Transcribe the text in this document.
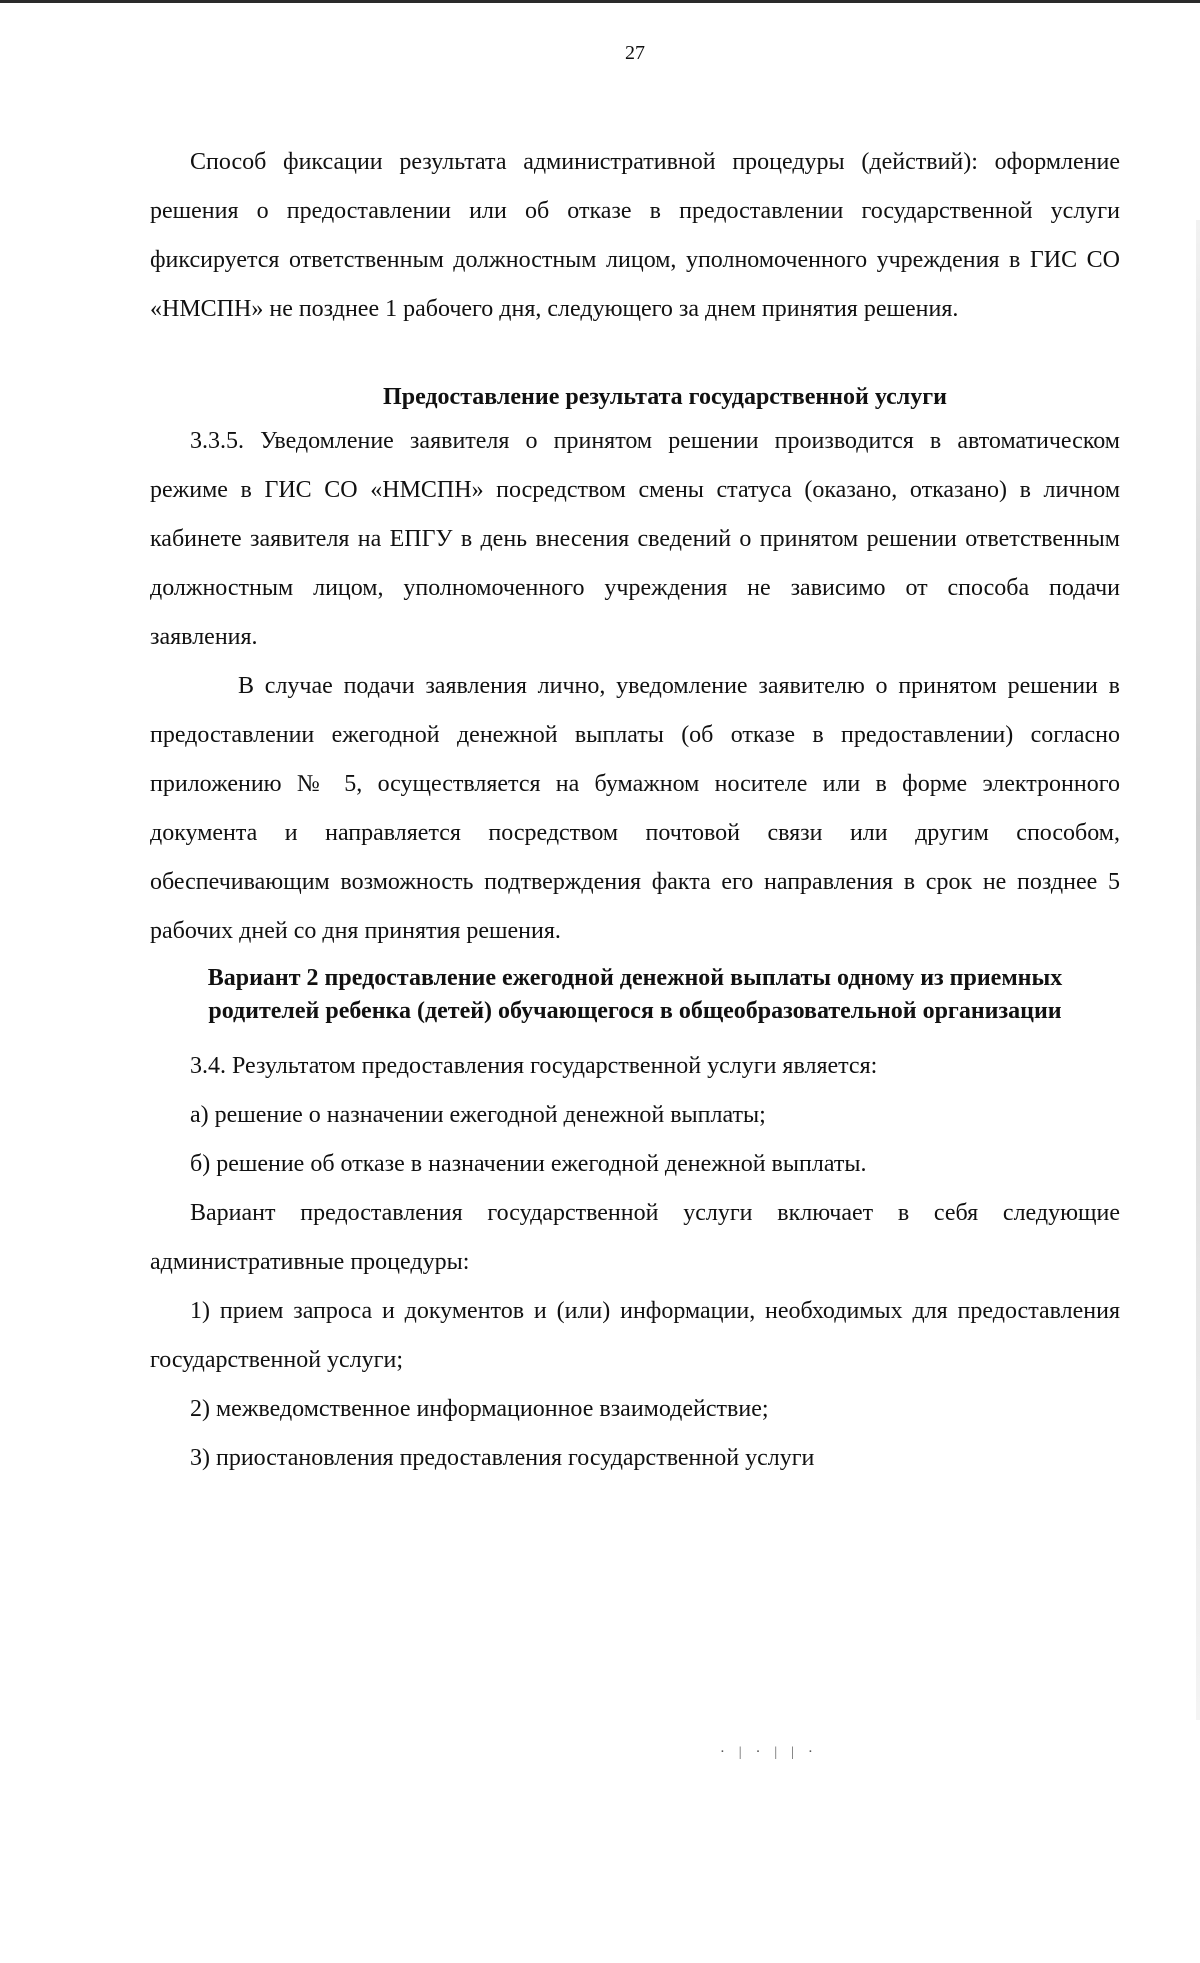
27

Способ фиксации результата административной процедуры (действий): оформление решения о предоставлении или об отказе в предоставлении государственной услуги фиксируется ответственным должностным лицом, уполномоченного учреждения в ГИС СО «НМСПН» не позднее 1 рабочего дня, следующего за днем принятия решения.

Предоставление результата государственной услуги

3.3.5. Уведомление заявителя о принятом решении производится в автоматическом режиме в ГИС СО «НМСПН» посредством смены статуса (оказано, отказано) в личном кабинете заявителя на ЕПГУ в день внесения сведений о принятом решении ответственным должностным лицом, уполномоченного учреждения не зависимо от способа подачи заявления.

В случае подачи заявления лично, уведомление заявителю о принятом решении в предоставлении ежегодной денежной выплаты (об отказе в предоставлении) согласно приложению № 5, осуществляется на бумажном носителе или в форме электронного документа и направляется посредством почтовой связи или другим способом, обеспечивающим возможность подтверждения факта его направления в срок не позднее 5 рабочих дней со дня принятия решения.

Вариант 2 предоставление ежегодной денежной выплаты одному из приемных родителей ребенка (детей) обучающегося в общеобразовательной организации

3.4. Результатом предоставления государственной услуги является:

а) решение о назначении ежегодной денежной выплаты;

б) решение об отказе в назначении ежегодной денежной выплаты.

Вариант предоставления государственной услуги включает в себя следующие административные процедуры:

1) прием запроса и документов и (или) информации, необходимых для предоставления государственной услуги;

2) межведомственное информационное взаимодействие;

3) приостановления предоставления государственной услуги

⋅|⋅||⋅
